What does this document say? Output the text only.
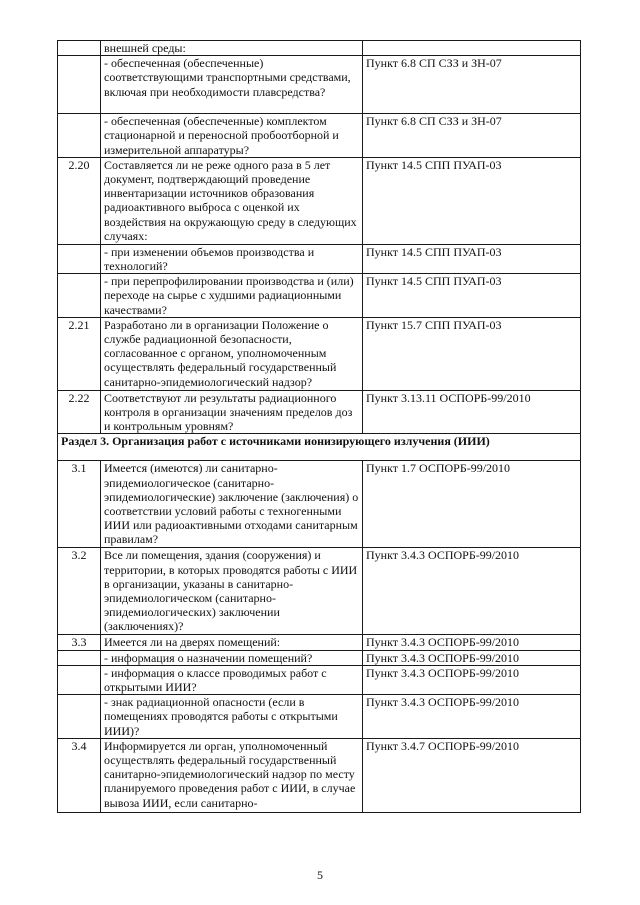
	внешней среды:	
	- обеспеченная (обеспеченные) соответствующими транспортными средствами, включая при необходимости плавсредства?	Пункт 6.8 СП СЗЗ и ЗН-07
	- обеспеченная (обеспеченные) комплектом стационарной и переносной пробоотборной и измерительной аппаратуры?	Пункт 6.8 СП СЗЗ и ЗН-07
2.20	Составляется ли не реже одного раза в 5 лет документ, подтверждающий проведение инвентаризации источников образования радиоактивного выброса с оценкой их воздействия на окружающую среду в следующих случаях:	Пункт 14.5 СПП ПУАП-03
	- при изменении объемов производства и технологий?	Пункт 14.5 СПП ПУАП-03
	- при перепрофилировании производства и (или) переходе на сырье с худшими радиационными качествами?	Пункт 14.5 СПП ПУАП-03
2.21	Разработано ли в организации Положение о службе радиационной безопасности, согласованное с органом, уполномоченным осуществлять федеральный государственный санитарно-эпидемиологический надзор?	Пункт 15.7 СПП ПУАП-03
2.22	Соответствуют ли результаты радиационного контроля в организации значениям пределов доз и контрольным уровням?	Пункт 3.13.11 ОСПОРБ-99/2010
Раздел 3. Организация работ с источниками ионизирующего излучения (ИИИ)		
3.1	Имеется (имеются) ли санитарно-эпидемиологическое (санитарно-эпидемиологические) заключение (заключения) о соответствии условий работы с техногенными ИИИ или радиоактивными отходами санитарным правилам?	Пункт 1.7 ОСПОРБ-99/2010
3.2	Все ли помещения, здания (сооружения) и территории, в которых проводятся работы с ИИИ в организации, указаны в санитарно-эпидемиологическом (санитарно-эпидемиологических) заключении (заключениях)?	Пункт 3.4.3 ОСПОРБ-99/2010
3.3	Имеется ли на дверях помещений:	Пункт 3.4.3 ОСПОРБ-99/2010
	- информация о назначении помещений?	Пункт 3.4.3 ОСПОРБ-99/2010
	- информация о классе проводимых работ с открытыми ИИИ?	Пункт 3.4.3 ОСПОРБ-99/2010
	- знак радиационной опасности (если в помещениях проводятся работы с открытыми ИИИ)?	Пункт 3.4.3 ОСПОРБ-99/2010
3.4	Информируется ли орган, уполномоченный осуществлять федеральный государственный санитарно-эпидемиологический надзор по месту планируемого проведения работ с ИИИ, в случае вывоза ИИИ, если санитарно-	Пункт 3.4.7 ОСПОРБ-99/2010
5
